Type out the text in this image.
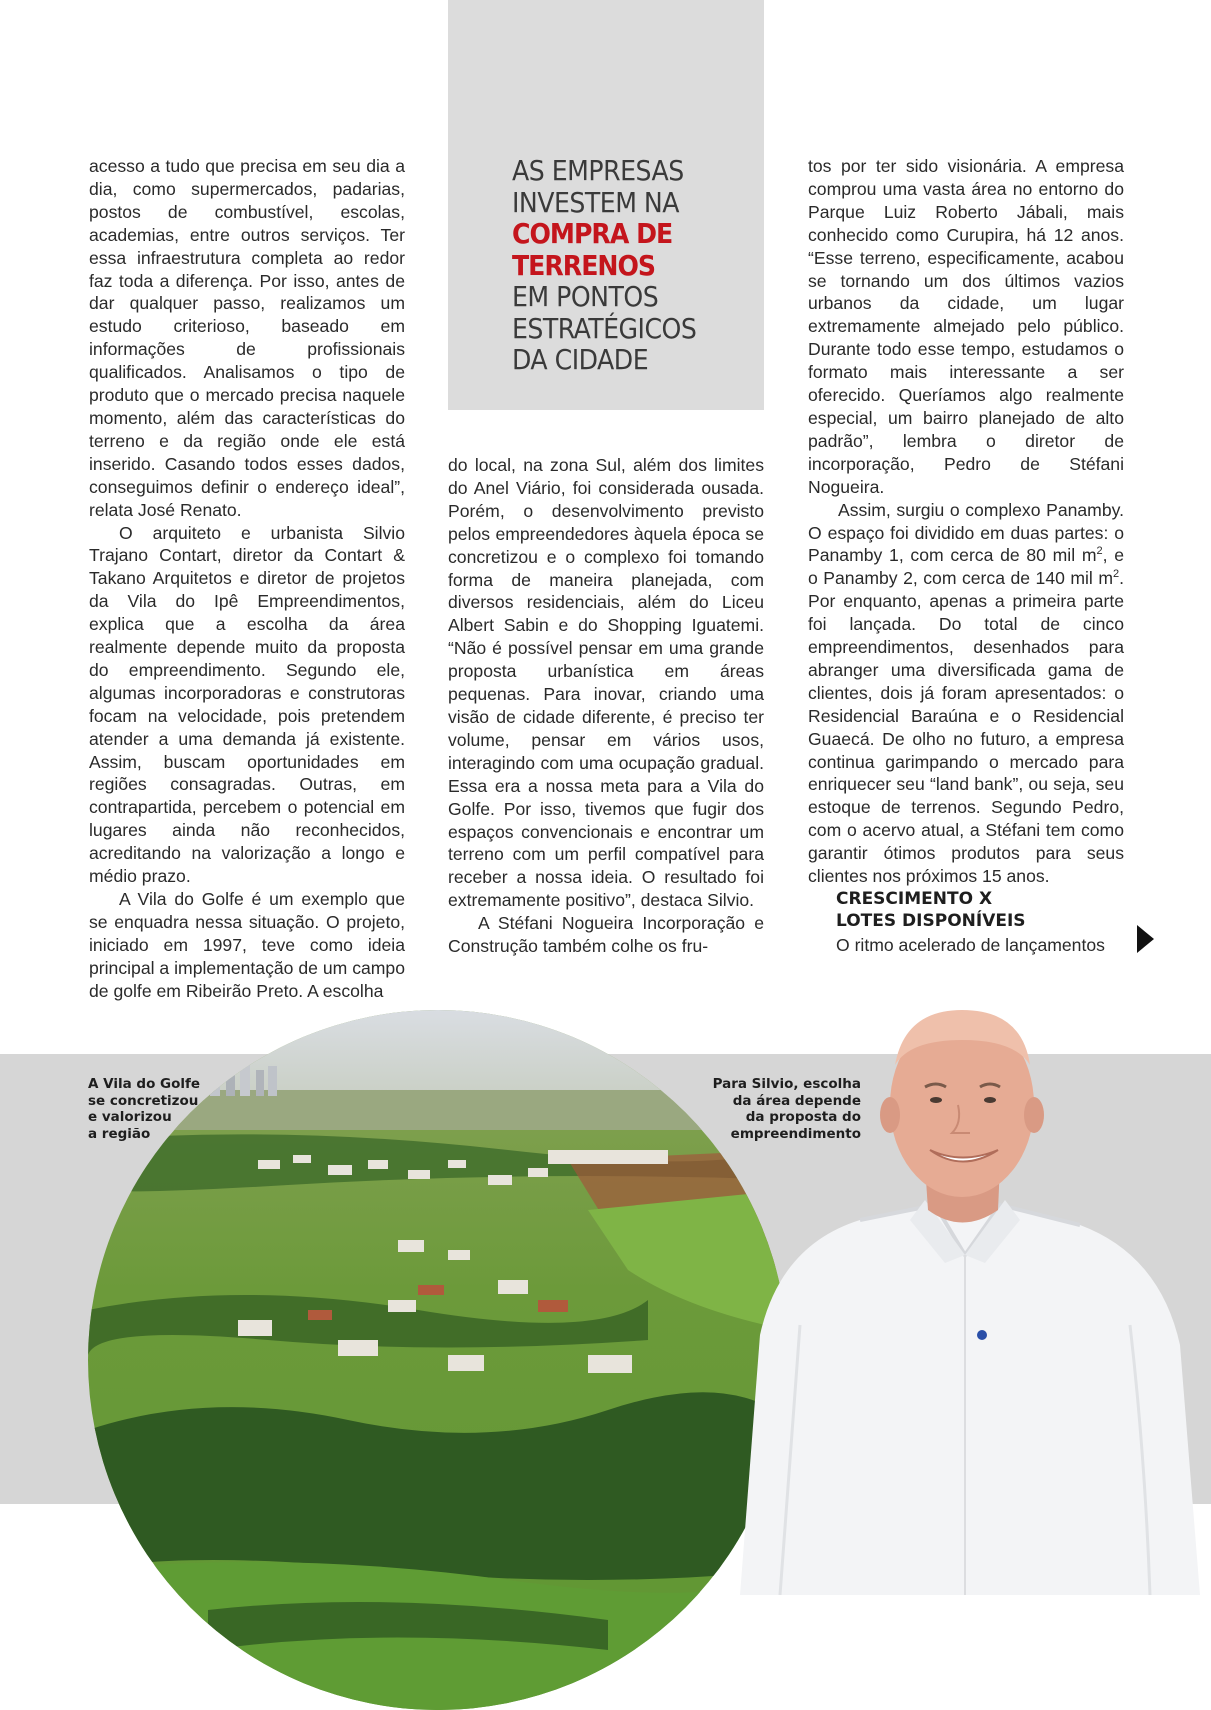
acesso a tudo que precisa em seu dia a dia, como supermercados, padarias, postos de combustível, escolas, academias, entre outros serviços. Ter essa infraestrutura completa ao redor faz toda a diferença. Por isso, antes de dar qualquer passo, realizamos um estudo criterioso, baseado em informações de profissionais qualificados. Analisamos o tipo de produto que o mercado precisa naquele momento, além das características do terreno e da região onde ele está inserido. Casando todos esses dados, conseguimos definir o endereço ideal”, relata José Renato.

O arquiteto e urbanista Silvio Trajano Contart, diretor da Contart & Takano Arquitetos e diretor de projetos da Vila do Ipê Empreendimentos, explica que a escolha da área realmente depende muito da proposta do empreendimento. Segundo ele, algumas incorporadoras e construtoras focam na velocidade, pois pretendem atender a uma demanda já existente. Assim, buscam oportunidades em regiões consagradas. Outras, em contrapartida, percebem o potencial em lugares ainda não reconhecidos, acreditando na valorização a longo e médio prazo.

A Vila do Golfe é um exemplo que se enquadra nessa situação. O projeto, iniciado em 1997, teve como ideia principal a implementação de um campo de golfe em Ribeirão Preto. A escolha

AS EMPRESAS
INVESTEM NA
COMPRA DE
TERRENOS
EM PONTOS
ESTRATÉGICOS
DA CIDADE

do local, na zona Sul, além dos limites do Anel Viário, foi considerada ousada. Porém, o desenvolvimento previsto pelos empreendedores àquela época se concretizou e o complexo foi tomando forma de maneira planejada, com diversos residenciais, além do Liceu Albert Sabin e do Shopping Iguatemi. “Não é possível pensar em uma grande proposta urbanística em áreas pequenas. Para inovar, criando uma visão de cidade diferente, é preciso ter volume, pensar em vários usos, interagindo com uma ocupação gradual. Essa era a nossa meta para a Vila do Golfe. Por isso, tivemos que fugir dos espaços convencionais e encontrar um terreno com um perfil compatível para receber a nossa ideia. O resultado foi extremamente positivo”, destaca Silvio.

A Stéfani Nogueira Incorporação e Construção também colhe os fru-

tos por ter sido visionária. A empresa comprou uma vasta área no entorno do Parque Luiz Roberto Jábali, mais conhecido como Curupira, há 12 anos. “Esse terreno, especificamente, acabou se tornando um dos últimos vazios urbanos da cidade, um lugar extremamente almejado pelo público. Durante todo esse tempo, estudamos o formato mais interessante a ser oferecido. Queríamos algo realmente especial, um bairro planejado de alto padrão”, lembra o diretor de incorporação, Pedro de Stéfani Nogueira.

Assim, surgiu o complexo Panamby. O espaço foi dividido em duas partes: o Panamby 1, com cerca de 80 mil $m^2$, e o Panamby 2, com cerca de 140 mil $m^2$. Por enquanto, apenas a primeira parte foi lançada. Do total de cinco empreendimentos, desenhados para abranger uma diversificada gama de clientes, dois já foram apresentados: o Residencial Baraúna e o Residencial Guaecá. De olho no futuro, a empresa continua garimpando o mercado para enriquecer seu “land bank”, ou seja, seu estoque de terrenos. Segundo Pedro, com o acervo atual, a Stéfani tem como garantir ótimos produtos para seus clientes nos próximos 15 anos.

CRESCIMENTO X
LOTES DISPONÍVEIS
O ritmo acelerado de lançamentos
A Vila do Golfe
se concretizou
e valorizou
a região
Para Silvio, escolha
da área depende
da proposta do
empreendimento
